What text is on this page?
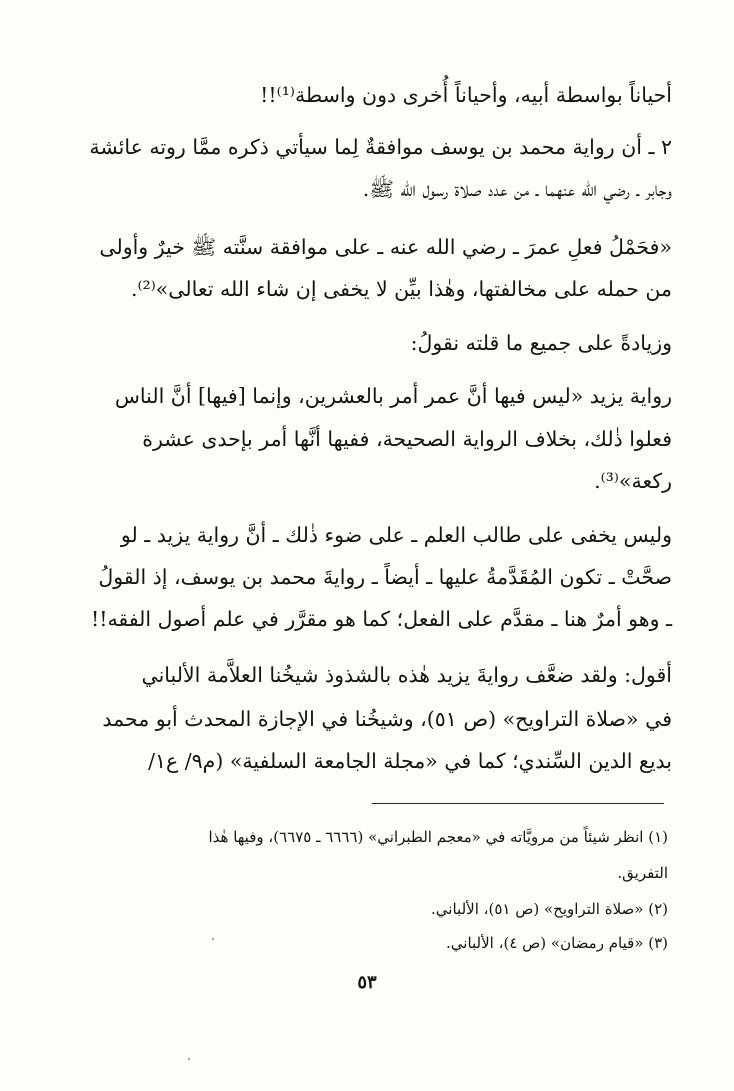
أحياناً بواسطة أبيه، وأحياناً أُخرى دون واسطة⁽¹⁾!!
٢ ـ أن رواية محمد بن يوسف موافقةٌ لِما سيأتي ذكره ممَّا روته عائشة
وجابر ـ رضي الله عنهما ـ من عدد صلاة رسول الله ﷺ.
«فحَمْلُ فعلِ عمرَ ـ رضي الله عنه ـ على موافقة سنَّته ﷺ خيرٌ وأولى
من حمله على مخالفتها، وهٰذا بيِّن لا يخفى إن شاء الله تعالى»⁽²⁾.
وزيادةً على جميع ما قلته نقولُ:
رواية يزيد «ليس فيها أنَّ عمر أمر بالعشرين، وإنما [فيها] أنَّ الناس
فعلوا ذٰلك، بخلاف الرواية الصحيحة، ففيها أنَّها أمر بإحدى عشرة
ركعة»⁽³⁾.
وليس يخفى على طالب العلم ـ على ضوء ذٰلك ـ أنَّ رواية يزيد ـ لو
صحَّتْ ـ تكون المُقَدَّمةُ عليها ـ أيضاً ـ روايةَ محمد بن يوسف، إذ القولُ
ـ وهو أمرٌ هنا ـ مقدَّم على الفعل؛ كما هو مقرَّر في علم أصول الفقه!!
أقول: ولقد ضعَّف روايةَ يزيد هٰذه بالشذوذ شيخُنا العلاَّمة الألباني
في «صلاة التراويح» (ص ٥١)، وشيخُنا في الإجازة المحدث أبو محمد
بديع الدين السِّندي؛ كما في «مجلة الجامعة السلفية» (م٩/ ع١/
(١) انظر شيئاً من مرويَّاته في «معجم الطبراني» (٦٦٦٦ ـ ٦٦٧٥)، وفيها هٰذا
التفريق.
(٢) «صلاة التراويح» (ص ٥١)، الألباني.
(٣) «قيام رمضان» (ص ٤)، الألباني.
٥٣
